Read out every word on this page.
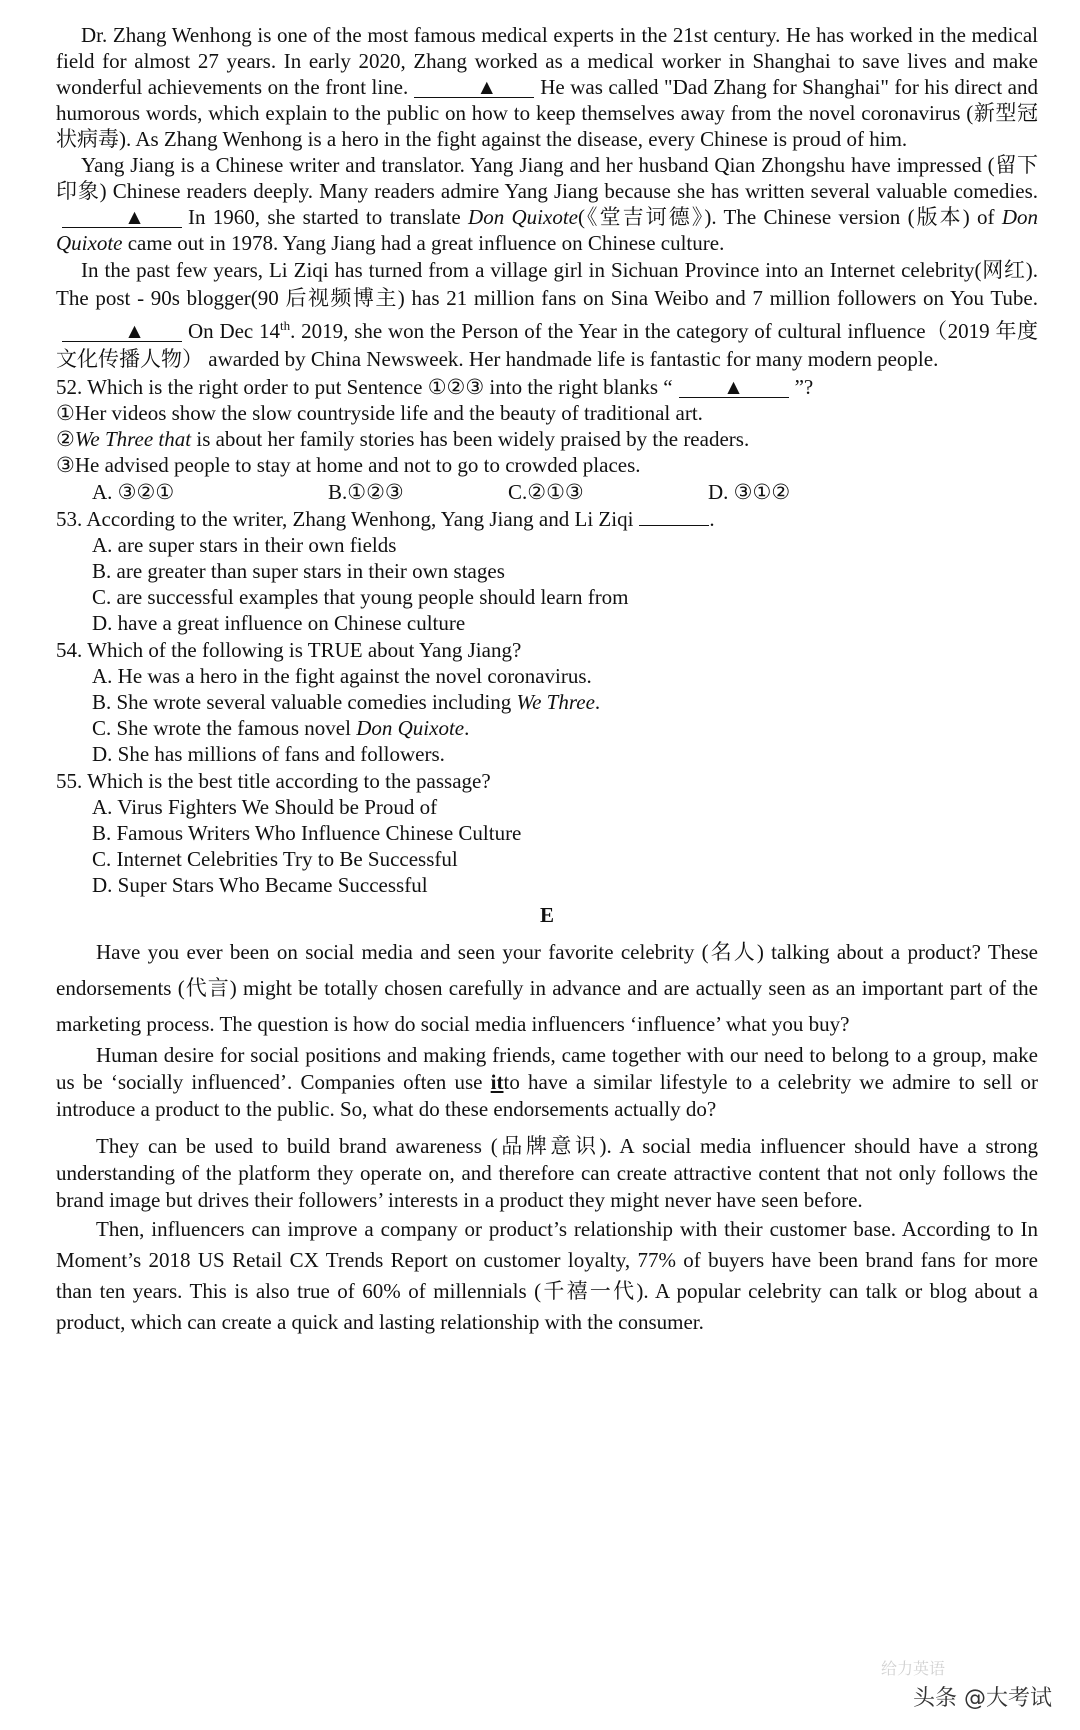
Dr. Zhang Wenhong is one of the most famous medical experts in the 21st century. He has worked in the medical field for almost 27 years. In early 2020, Zhang worked as a medical worker in Shanghai to save lives and make wonderful achievements on the front line.	▲ He was called "Dad Zhang for Shanghai" for his direct and humorous words, which explain to the public on how to keep themselves away from the novel coronavirus (新型冠状病毒). As Zhang Wenhong is a hero in the fight against the disease, every Chinese is proud of him.

Yang Jiang is a Chinese writer and translator. Yang Jiang and her husband Qian Zhongshu have impressed (留下印象) Chinese readers deeply. Many readers admire Yang Jiang because she has written several valuable comedies.▲ In 1960, she started to translate Don Quixote(《堂吉诃德》). The Chinese version (版本) of Don Quixote came out in 1978. Yang Jiang had a great influence on Chinese culture.

In the past few years, Li Ziqi has turned from a village girl in Sichuan Province into an Internet celebrity(网红). The post - 90s blogger(90 后视频博主) has 21 million fans on Sina Weibo and 7 million followers on You Tube.▲ On Dec 14th. 2019, she won the Person of the Year in the category of cultural influence（2019 年度文化传播人物） awarded by China Newsweek. Her handmade life is fantastic for many modern people.

52. Which is the right order to put Sentence ①②③ into the right blanks “ ▲ ”?
①Her videos show the slow countryside life and the beauty of traditional art.
②We Three that is about her family stories has been widely praised by the readers.
③He advised people to stay at home and not to go to crowded places.
A. ③②①	B.①②③	C.②①③	D. ③①②
53. According to the writer, Zhang Wenhong, Yang Jiang and Li Ziqi	.
A. are super stars in their own fields
B. are greater than super stars in their own stages
C. are successful examples that young people should learn from
D. have a great influence on Chinese culture
54. Which of the following is TRUE about Yang Jiang?
A. He was a hero in the fight against the novel coronavirus.
B. She wrote several valuable comedies including We Three.
C. She wrote the famous novel Don Quixote.
D. She has millions of fans and followers.
55. Which is the best title according to the passage?
A. Virus Fighters We Should be Proud of
B. Famous Writers Who Influence Chinese Culture
C. Internet Celebrities Try to Be Successful
D. Super Stars Who Became Successful
E

Have you ever been on social media and seen your favorite celebrity (名人) talking about a product? These endorsements (代言) might be totally chosen carefully in advance and are actually seen as an important part of the marketing process. The question is how do social media influencers ‘influence’ what you buy?

Human desire for social positions and making friends, came together with our need to belong to a group, make us be ‘socially influenced’. Companies often use itto have a similar lifestyle to a celebrity we admire to sell or introduce a product to the public. So, what do these endorsements actually do?

They can be used to build brand awareness (品牌意识). A social media influencer should have a strong understanding of the platform they operate on, and therefore can create attractive content that not only follows the brand image but drives their followers’ interests in a product they might never have seen before.

Then, influencers can improve a company or product’s relationship with their customer base. According to In Moment’s 2018 US Retail CX Trends Report on customer loyalty, 77% of buyers have been brand fans for more than ten years. This is also true of 60% of millennials (千禧一代). A popular celebrity can talk or blog about a product, which can create a quick and lasting relationship with the consumer.

给力英语
头条 @大考试
